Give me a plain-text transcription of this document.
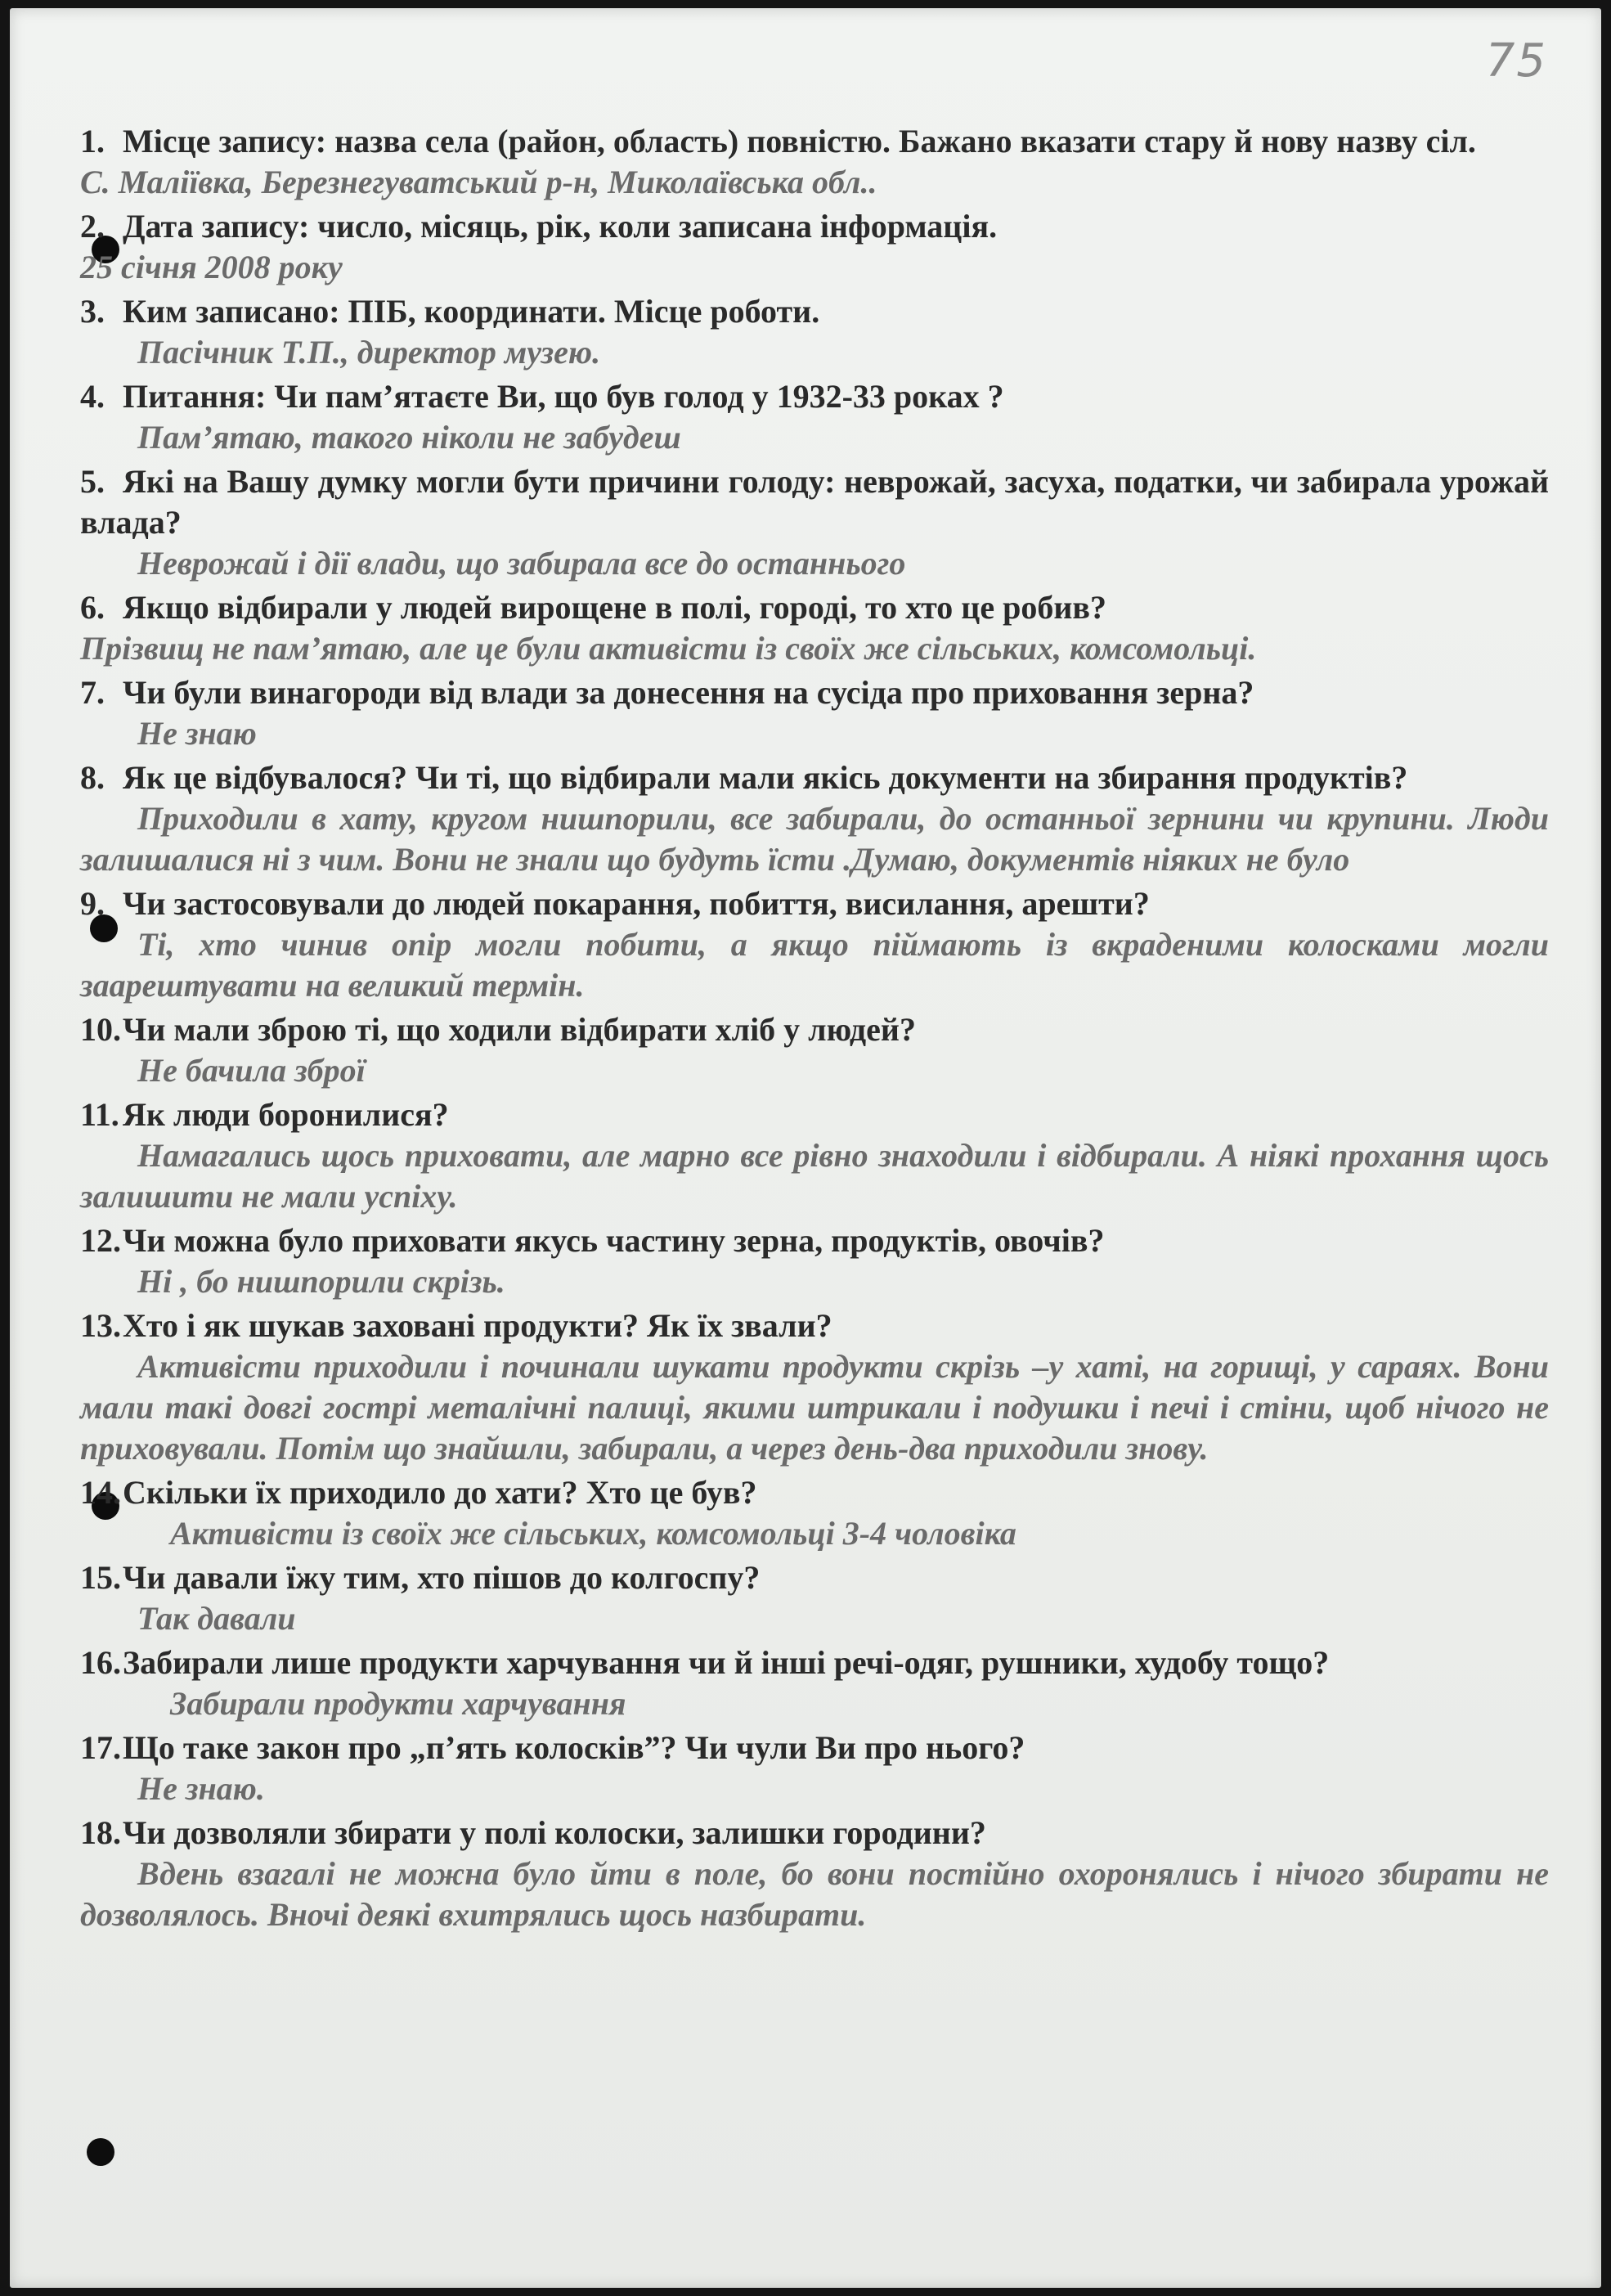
75
1. Місце запису: назва села (район, область) повністю. Бажано вказати стару й нову назву сіл.
С. Маліївка, Березнегуватський р-н, Миколаївська обл..
2. Дата запису: число, місяць, рік, коли записана інформація.
25 січня 2008 року
3. Ким записано: ПІБ, координати. Місце роботи.
Пасічник Т.П., директор музею.
4. Питання: Чи пам’ятаєте Ви, що був голод у 1932-33 роках ?
Пам’ятаю, такого ніколи не забудеш
5. Які на Вашу думку могли бути причини голоду: неврожай, засуха, податки, чи забирала урожай влада?
Неврожай і дії влади, що забирала все до останнього
6. Якщо відбирали у людей вирощене в полі, городі, то хто це робив?
Прізвищ не пам’ятаю, але це були активісти із своїх же сільських, комсомольці.
7. Чи були винагороди від влади за донесення на сусіда про приховання зерна?
Не знаю
8. Як це відбувалося? Чи ті, що відбирали мали якісь документи на збирання продуктів?
Приходили в хату, кругом нишпорили, все забирали, до останньої зернини чи крупини. Люди залишалися ні з чим. Вони не знали що будуть їсти .Думаю, документів ніяких не було
9. Чи застосовували до людей покарання, побиття, висилання, арешти?
Ті, хто чинив опір могли побити, а якщо піймають із вкраденими колосками могли заарештувати на великий термін.
10.Чи мали зброю ті, що ходили відбирати хліб у людей?
Не бачила зброї
11. Як люди боронилися?
Намагались щось приховати, але марно все рівно знаходили і відбирали. А ніякі прохання щось залишити не мали успіху.
12.Чи можна було приховати якусь частину зерна, продуктів, овочів?
Ні , бо нишпорили скрізь.
13.Хто і як шукав заховані продукти? Як їх звали?
Активісти приходили і починали шукати продукти скрізь –у хаті, на горищі, у сараях. Вони мали такі довгі гострі металічні палиці, якими штрикали і подушки і печі і стіни, щоб нічого не приховували. Потім що знайшли, забирали, а через день-два приходили знову.
14.Скільки їх приходило до хати? Хто це був?
Активісти із своїх же сільських, комсомольці 3-4 чоловіка
15.Чи давали їжу тим, хто пішов до колгоспу?
Так давали
16.Забирали лише продукти харчування чи й інші речі-одяг, рушники, худобу тощо?
Забирали продукти харчування
17.Що таке закон про „п’ять колосків”? Чи чули Ви про нього?
Не знаю.
18.Чи дозволяли збирати у полі колоски, залишки городини?
Вдень взагалі не можна було йти в поле, бо вони постійно охоронялись і нічого збирати не дозволялось. Вночі деякі вхитрялись щось назбирати.
